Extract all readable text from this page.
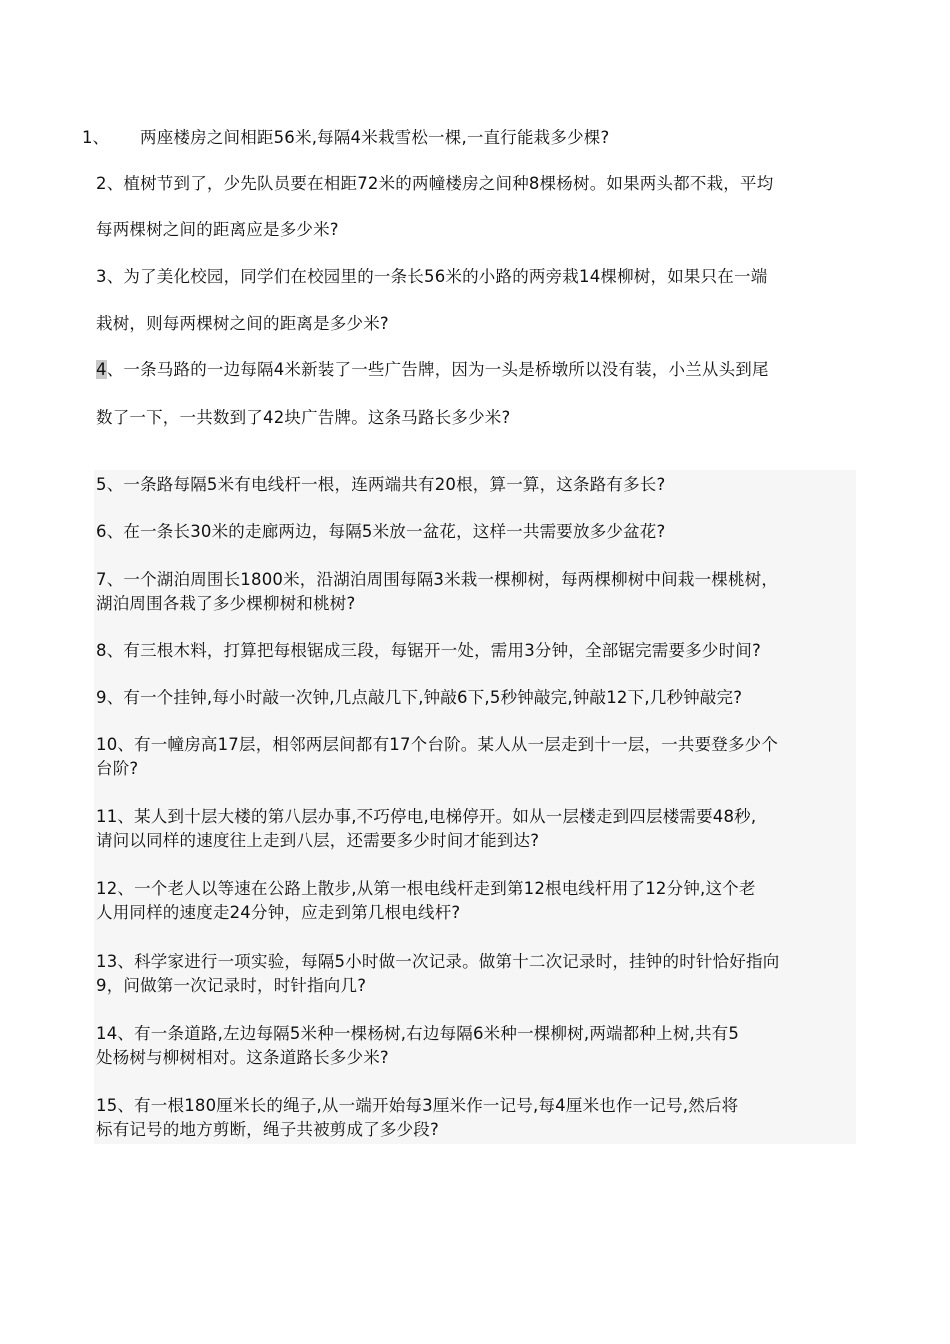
1、 两座楼房之间相距56米,每隔4米栽雪松一棵,一直行能栽多少棵?

2、植树节到了，少先队员要在相距72米的两幢楼房之间种8棵杨树。如果两头都不栽，平均

每两棵树之间的距离应是多少米?

3、为了美化校园，同学们在校园里的一条长56米的小路的两旁栽14棵柳树，如果只在一端

栽树，则每两棵树之间的距离是多少米?

4、一条马路的一边每隔4米新装了一些广告牌，因为一头是桥墩所以没有装，小兰从头到尾

数了一下，一共数到了42块广告牌。这条马路长多少米?

5、一条路每隔5米有电线杆一根，连两端共有20根，算一算，这条路有多长?

6、在一条长30米的走廊两边，每隔5米放一盆花，这样一共需要放多少盆花?

7、一个湖泊周围长1800米，沿湖泊周围每隔3米栽一棵柳树，每两棵柳树中间栽一棵桃树，

湖泊周围各栽了多少棵柳树和桃树?

8、有三根木料，打算把每根锯成三段，每锯开一处，需用3分钟，全部锯完需要多少时间?

9、有一个挂钟,每小时敲一次钟,几点敲几下,钟敲6下,5秒钟敲完,钟敲12下,几秒钟敲完?

10、有一幢房高17层，相邻两层间都有17个台阶。某人从一层走到十一层，一共要登多少个

台阶?

11、某人到十层大楼的第八层办事,不巧停电,电梯停开。如从一层楼走到四层楼需要48秒,

请问以同样的速度往上走到八层，还需要多少时间才能到达?

12、一个老人以等速在公路上散步,从第一根电线杆走到第12根电线杆用了12分钟,这个老

人用同样的速度走24分钟，应走到第几根电线杆?

13、科学家进行一项实验，每隔5小时做一次记录。做第十二次记录时，挂钟的时针恰好指向

9，问做第一次记录时，时针指向几?

14、有一条道路,左边每隔5米种一棵杨树,右边每隔6米种一棵柳树,两端都种上树,共有5

处杨树与柳树相对。这条道路长多少米?

15、有一根180厘米长的绳子,从一端开始每3厘米作一记号,每4厘米也作一记号,然后将

标有记号的地方剪断，绳子共被剪成了多少段?
